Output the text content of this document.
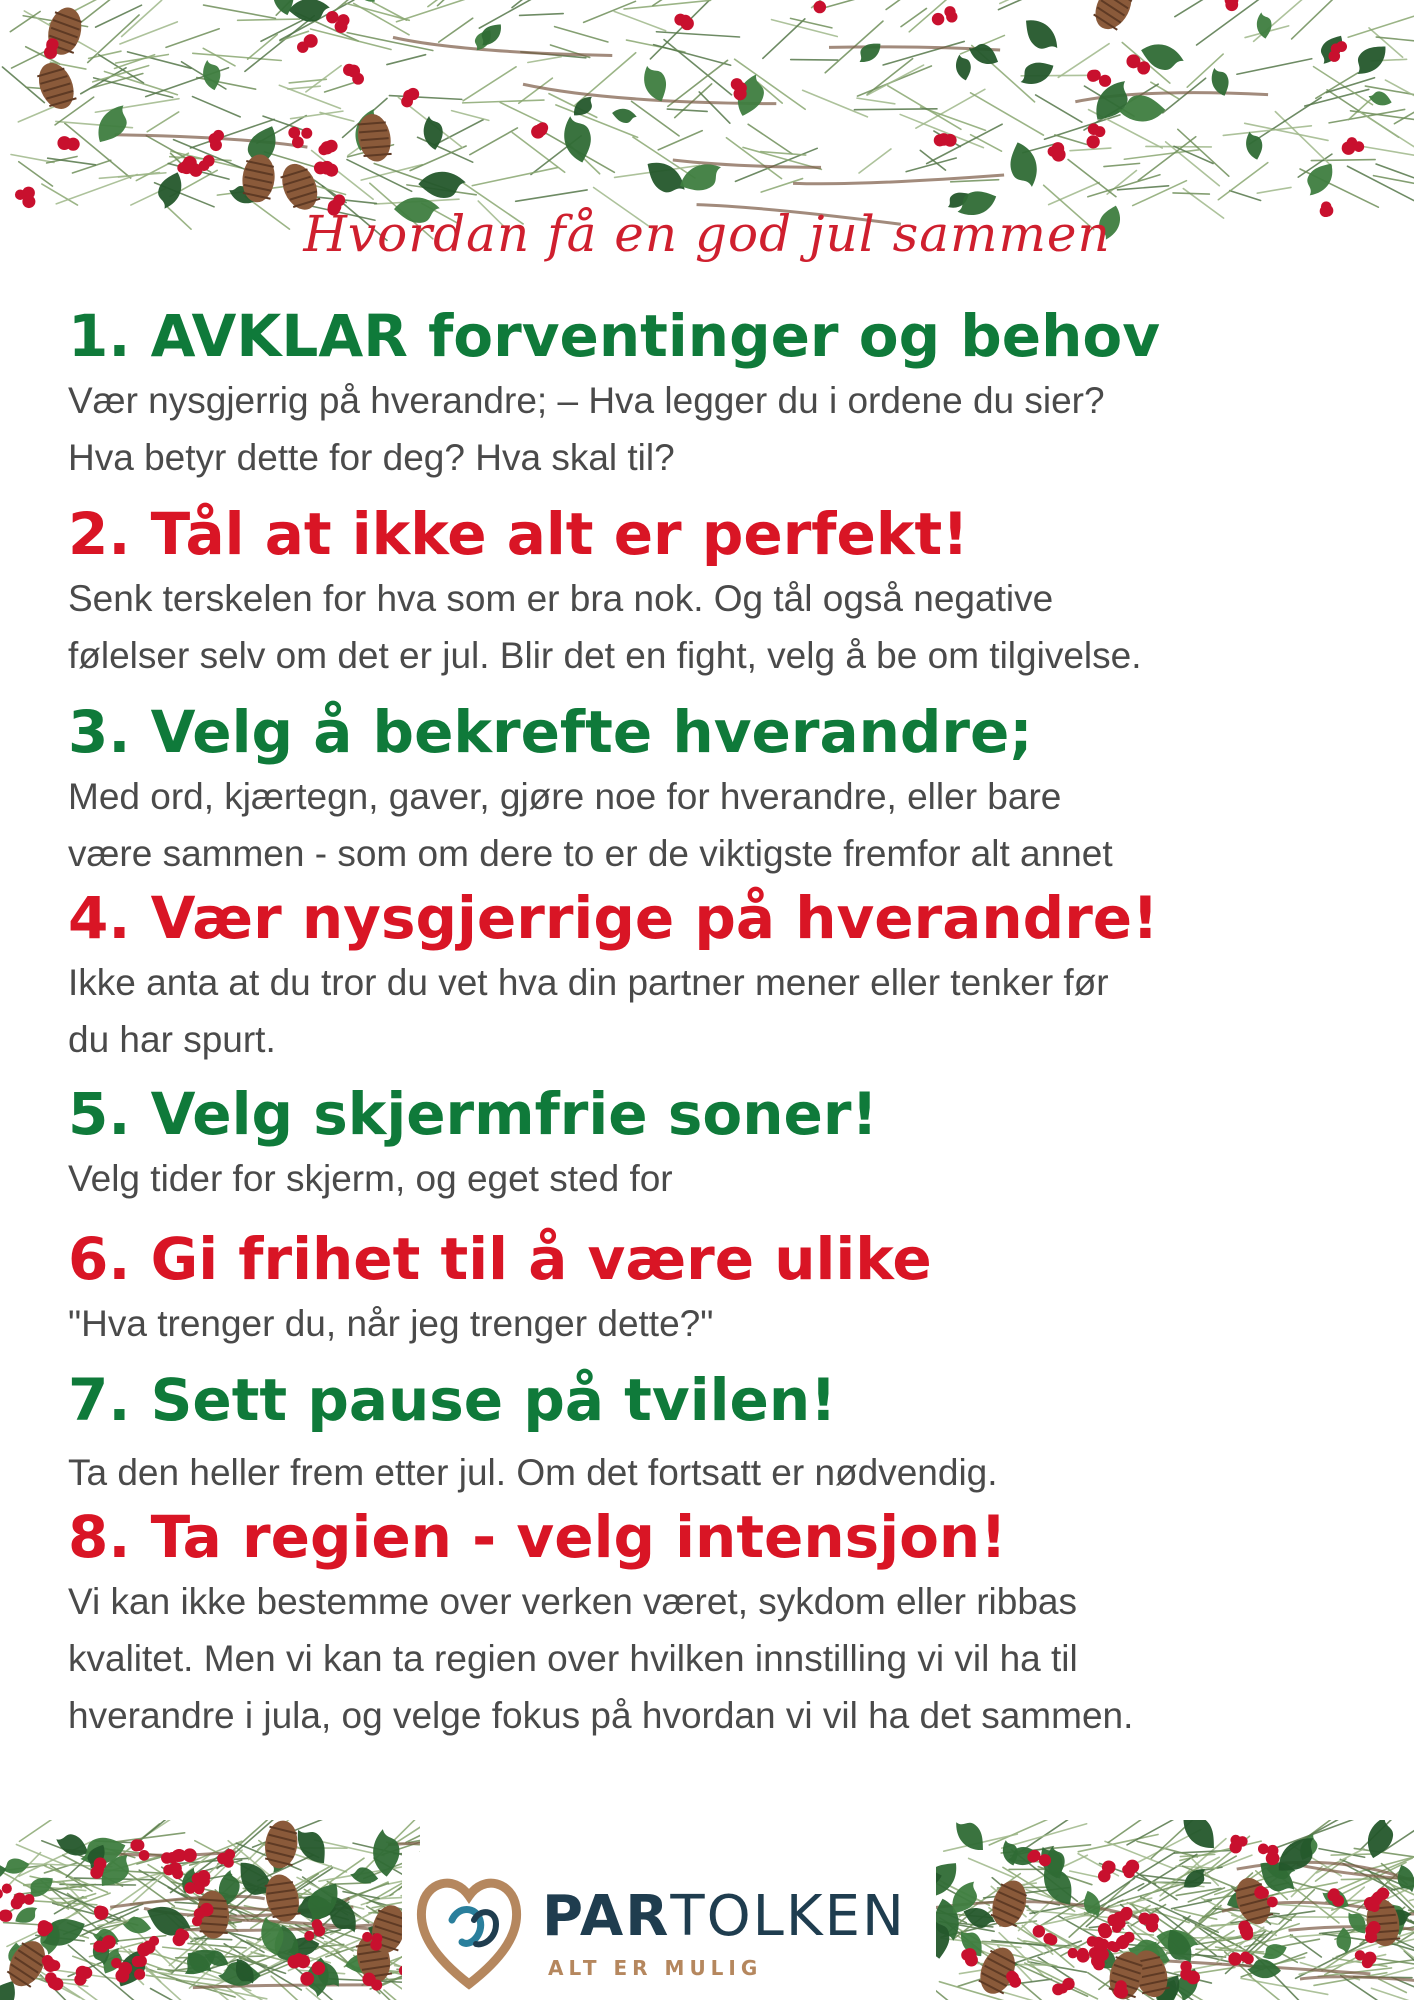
Hvordan få en god jul sammen
1. AVKLAR forventinger og behov

Vær nysgjerrig på hverandre; – Hva legger du i ordene du sier?

Hva betyr dette for deg? Hva skal til?

2. Tål at ikke alt er perfekt!

Senk terskelen for hva som er bra nok. Og tål også negative

følelser selv om det er jul. Blir det en fight, velg å be om tilgivelse.

3. Velg å bekrefte hverandre;

Med ord, kjærtegn, gaver, gjøre noe for hverandre, eller bare

være sammen - som om dere to er de viktigste fremfor alt annet

4. Vær nysgjerrige på hverandre!

Ikke anta at du tror du vet hva din partner mener eller tenker før

du har spurt.

5. Velg skjermfrie soner!

Velg tider for skjerm, og eget sted for

6. Gi frihet til å være ulike

"Hva trenger du, når jeg trenger dette?"

7. Sett pause på tvilen!

Ta den heller frem etter jul. Om det fortsatt er nødvendig.

8. Ta regien - velg intensjon!

Vi kan ikke bestemme over verken været, sykdom eller ribbas

kvalitet. Men vi kan ta regien over hvilken innstilling vi vil ha til

hverandre i jula, og velge fokus på hvordan vi vil ha det sammen.

PARTOLKEN
ALT ER MULIG
